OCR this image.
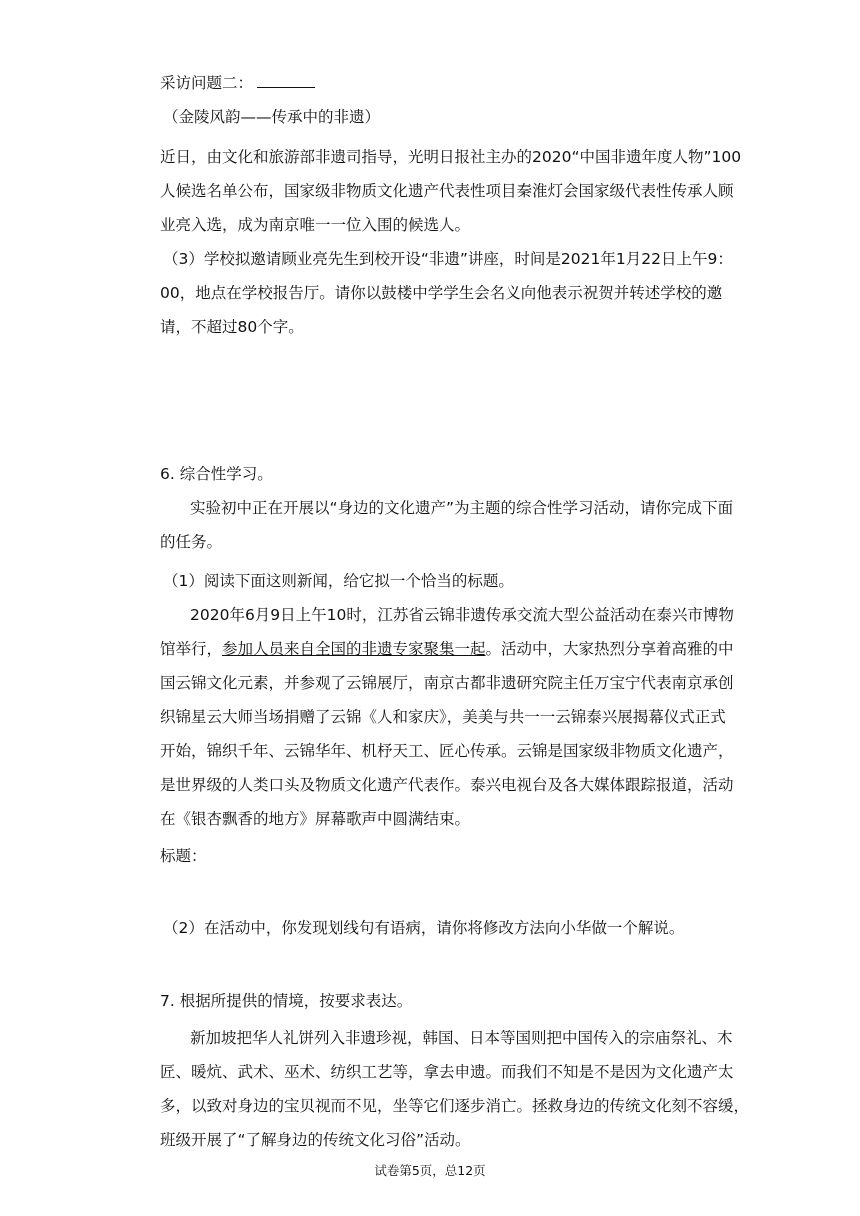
采访问题二：
（金陵风韵——传承中的非遗）
近日，由文化和旅游部非遗司指导，光明日报社主办的2020“中国非遗年度人物”100
人候选名单公布，国家级非物质文化遗产代表性项目秦淮灯会国家级代表性传承人顾
业亮入选，成为南京唯一一位入围的候选人。
（3）学校拟邀请顾业亮先生到校开设“非遗”讲座，时间是2021年1月22日上午9：
00，地点在学校报告厅。请你以鼓楼中学学生会名义向他表示祝贺并转述学校的邀
请，不超过80个字。
6. 综合性学习。
实验初中正在开展以“身边的文化遗产”为主题的综合性学习活动，请你完成下面
的任务。
（1）阅读下面这则新闻，给它拟一个恰当的标题。
2020年6月9日上午10时，江苏省云锦非遗传承交流大型公益活动在泰兴市博物
馆举行，参加人员来自全国的非遗专家聚集一起。活动中，大家热烈分享着高雅的中
国云锦文化元素，并参观了云锦展厅，南京古都非遗研究院主任万宝宁代表南京承创
织锦星云大师当场捐赠了云锦《人和家庆》，美美与共一一云锦泰兴展揭幕仪式正式
开始，锦织千年、云锦华年、机杼天工、匠心传承。云锦是国家级非物质文化遗产，
是世界级的人类口头及物质文化遗产代表作。泰兴电视台及各大媒体跟踪报道，活动
在《银杏飘香的地方》屏幕歌声中圆满结束。
标题：
（2）在活动中，你发现划线句有语病，请你将修改方法向小华做一个解说。
7. 根据所提供的情境，按要求表达。
新加坡把华人礼饼列入非遗珍视，韩国、日本等国则把中国传入的宗庙祭礼、木
匠、暖炕、武术、巫术、纺织工艺等，拿去申遗。而我们不知是不是因为文化遗产太
多，以致对身边的宝贝视而不见，坐等它们逐步消亡。拯救身边的传统文化刻不容缓，
班级开展了“了解身边的传统文化习俗”活动。
试卷第5页，总12页
